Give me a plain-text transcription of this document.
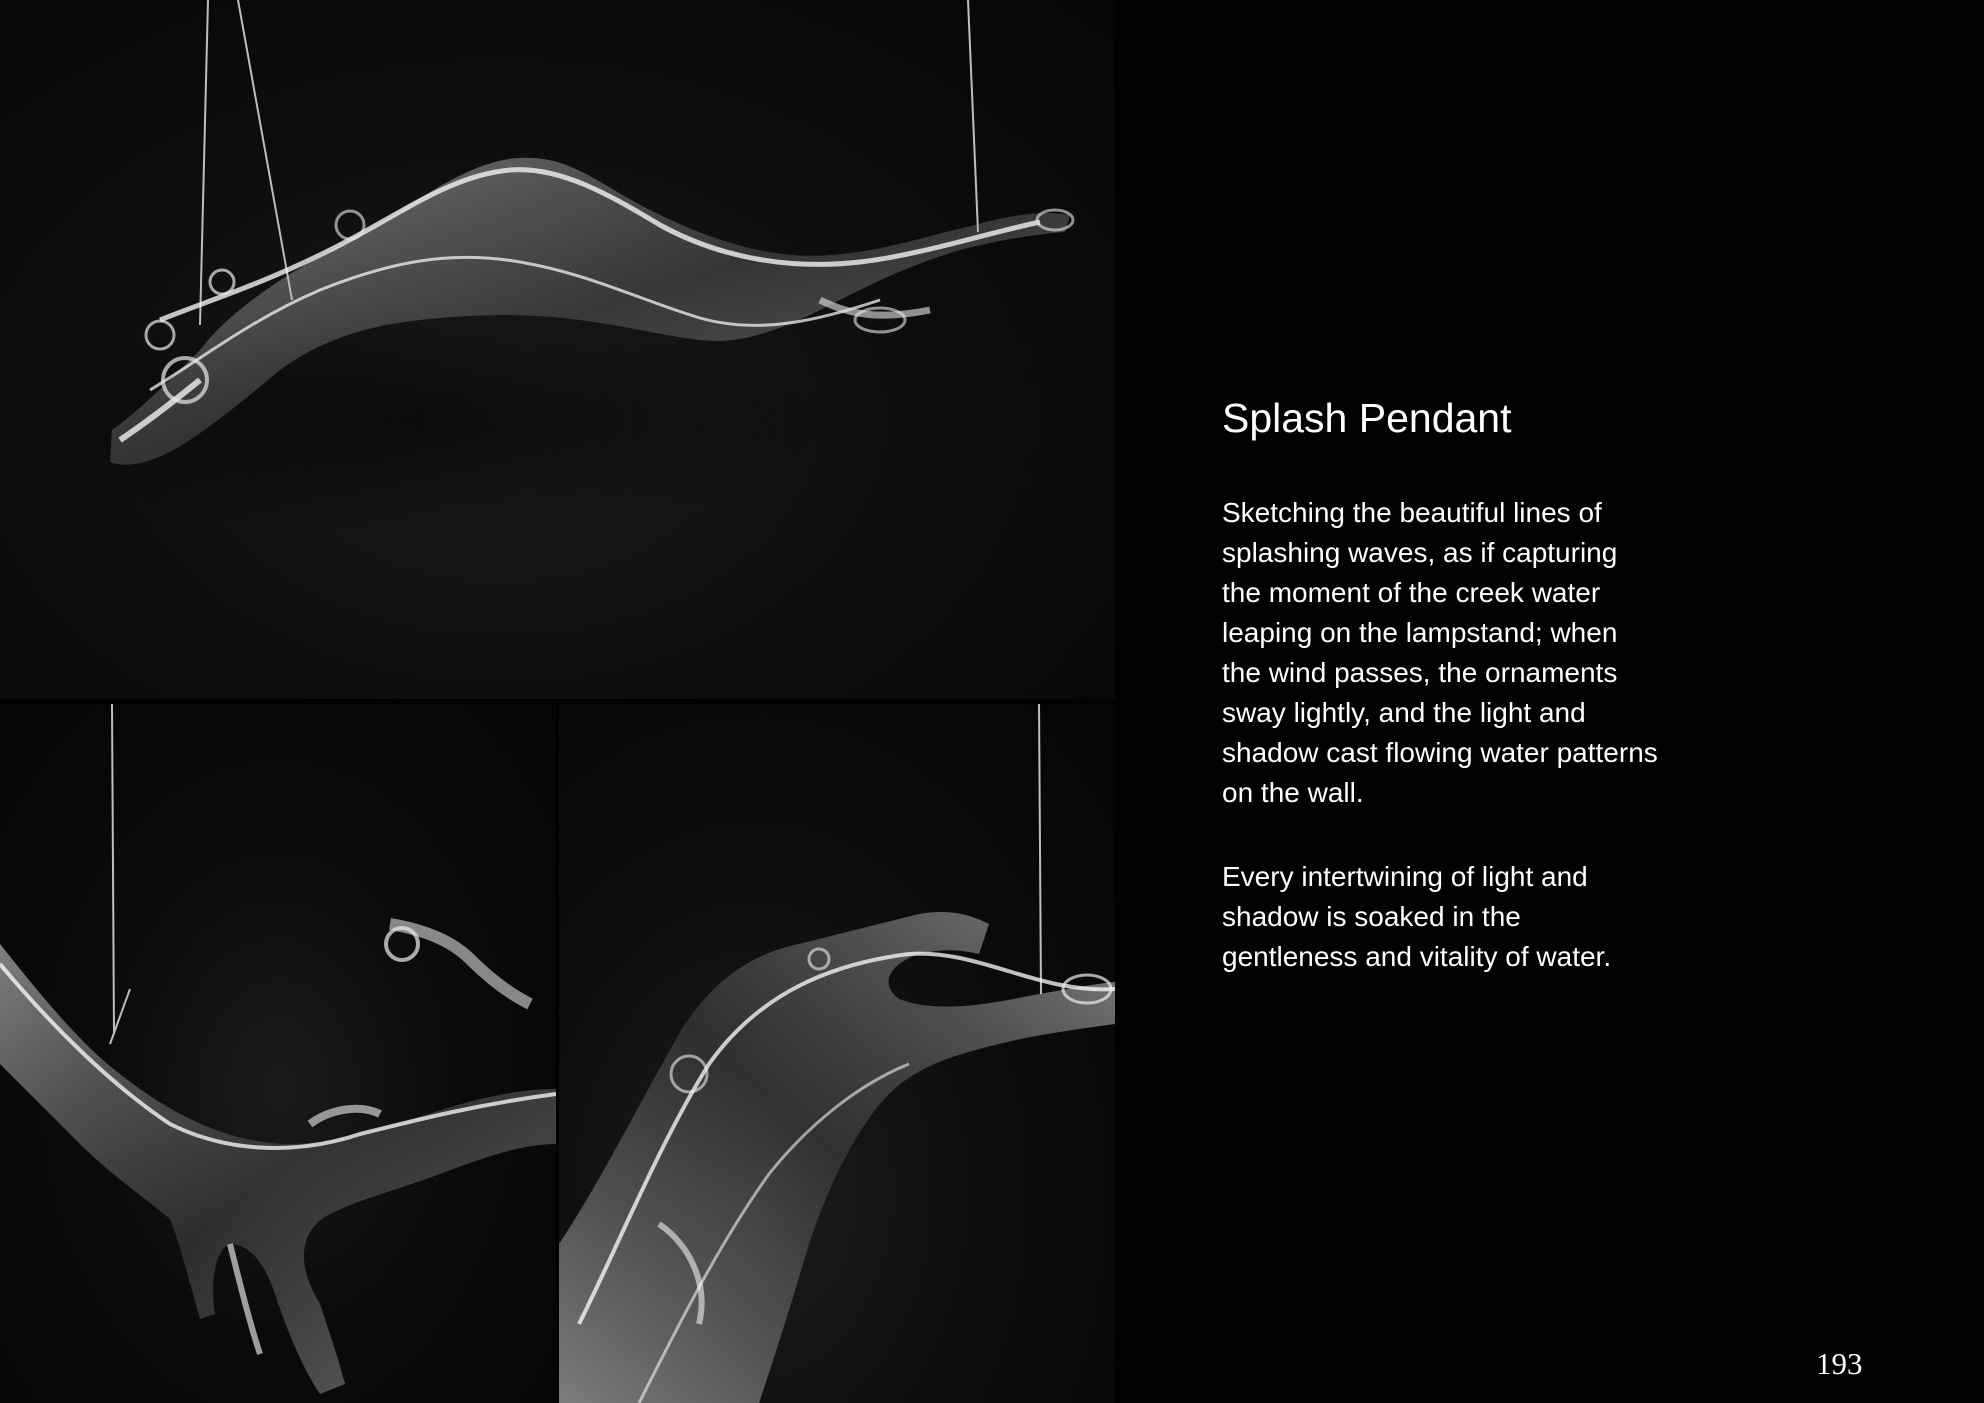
Splash Pendant

Sketching the beautiful lines of splashing waves, as if capturing the moment of the creek water leaping on the lampstand; when the wind passes, the ornaments sway lightly, and the light and shadow cast flowing water patterns on the wall.

Every intertwining of light and shadow is soaked in the gentleness and vitality of water.

193
